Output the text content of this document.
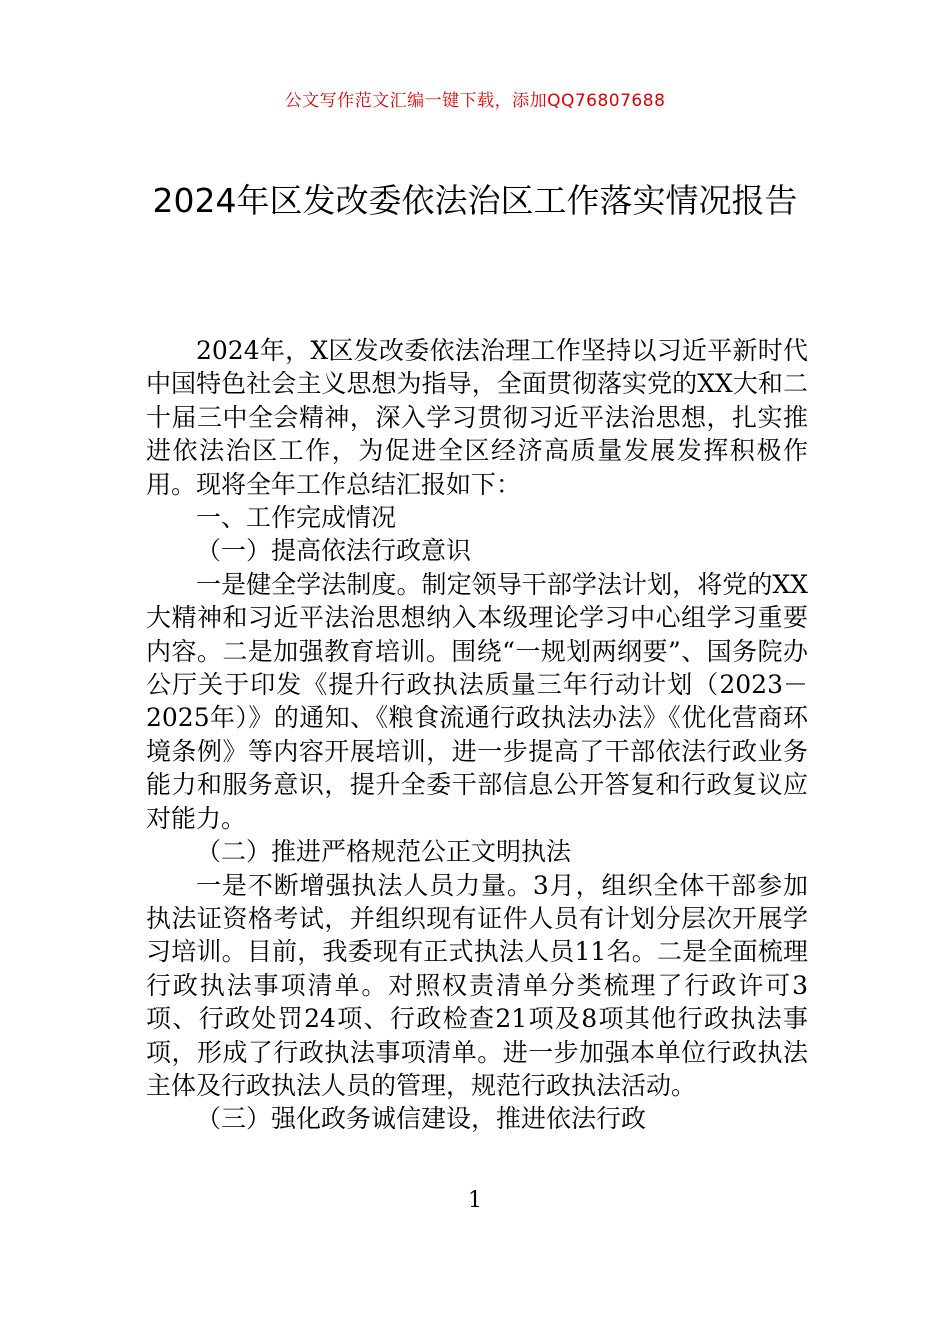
公文写作范文汇编一键下载，添加QQ76807688
2024年区发改委依法治区工作落实情况报告

2024年，X区发改委依法治理工作坚持以习近平新时代中国特色社会主义思想为指导，全面贯彻落实党的XX大和二十届三中全会精神，深入学习贯彻习近平法治思想，扎实推进依法治区工作，为促进全区经济高质量发展发挥积极作用。现将全年工作总结汇报如下：

一、工作完成情况

（一）提高依法行政意识

一是健全学法制度。制定领导干部学法计划，将党的XX大精神和习近平法治思想纳入本级理论学习中心组学习重要内容。二是加强教育培训。围绕“一规划两纲要”、国务院办公厅关于印发《提升行政执法质量三年行动计划（2023－2025年）》的通知、《粮食流通行政执法办法》《优化营商环境条例》等内容开展培训，进一步提高了干部依法行政业务能力和服务意识，提升全委干部信息公开答复和行政复议应对能力。

（二）推进严格规范公正文明执法

一是不断增强执法人员力量。3月，组织全体干部参加执法证资格考试，并组织现有证件人员有计划分层次开展学习培训。目前，我委现有正式执法人员11名。二是全面梳理行政执法事项清单。对照权责清单分类梳理了行政许可3项、行政处罚24项、行政检查21项及8项其他行政执法事项，形成了行政执法事项清单。进一步加强本单位行政执法主体及行政执法人员的管理，规范行政执法活动。

（三）强化政务诚信建设，推进依法行政

1
